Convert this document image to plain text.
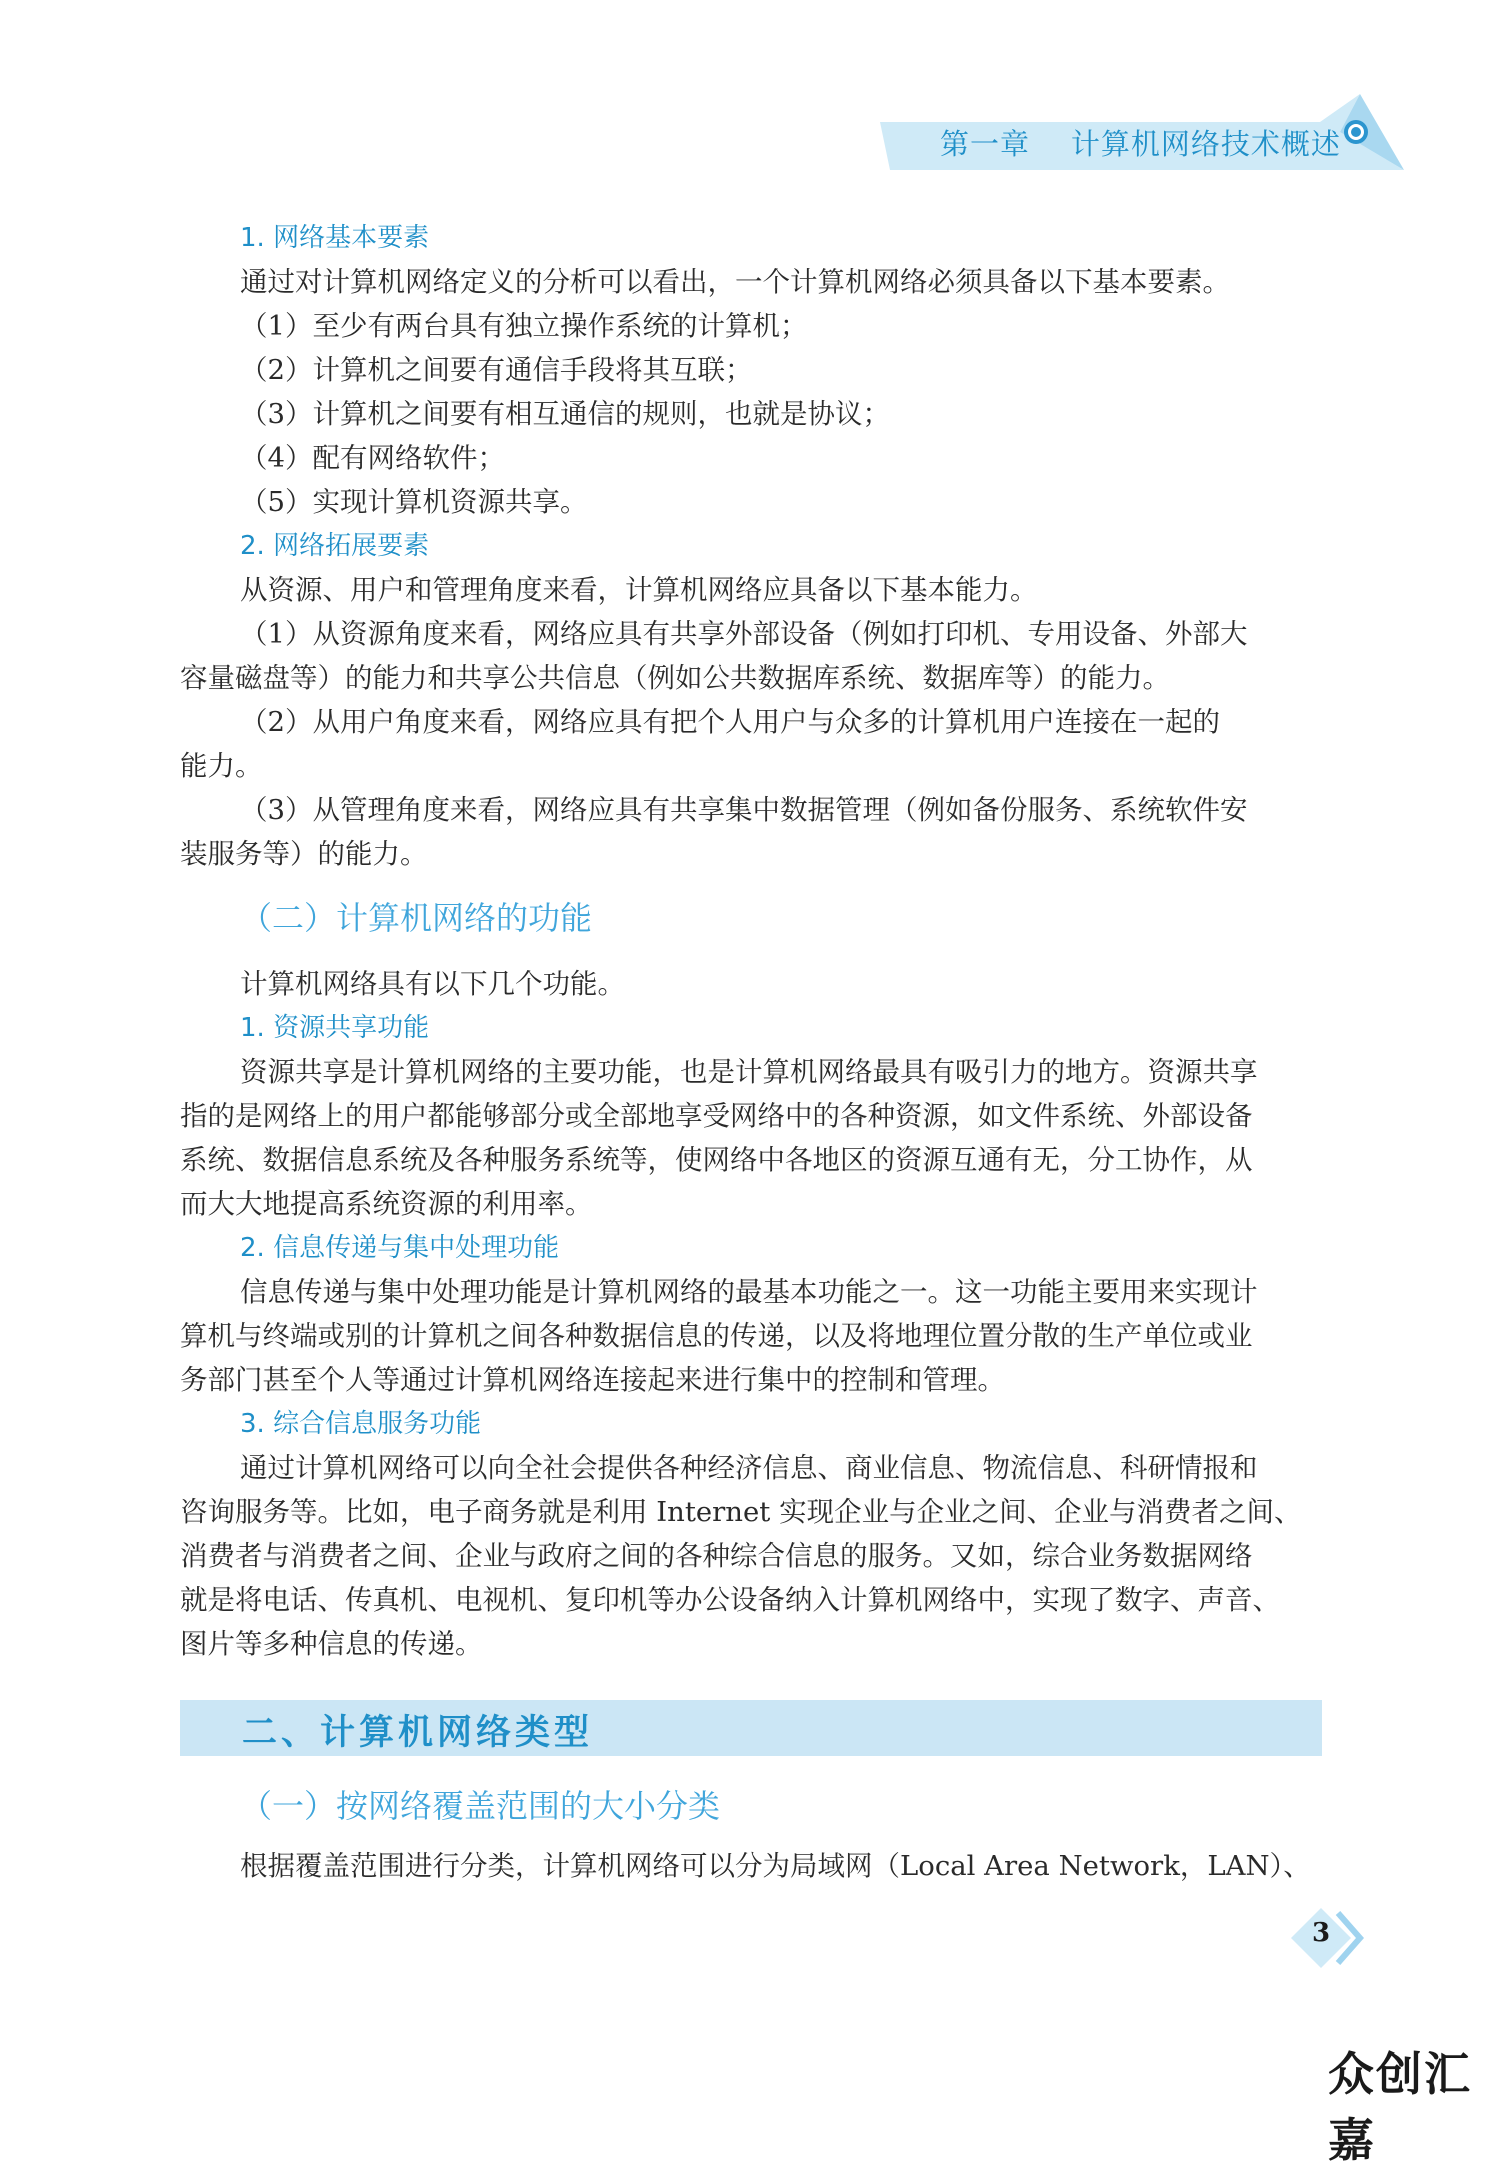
第一章    计算机网络技术概述
1. 网络基本要素
通过对计算机网络定义的分析可以看出，一个计算机网络必须具备以下基本要素。
（1）至少有两台具有独立操作系统的计算机；
（2）计算机之间要有通信手段将其互联；
（3）计算机之间要有相互通信的规则，也就是协议；
（4）配有网络软件；
（5）实现计算机资源共享。
2. 网络拓展要素
从资源、用户和管理角度来看，计算机网络应具备以下基本能力。
（1）从资源角度来看，网络应具有共享外部设备（例如打印机、专用设备、外部大
容量磁盘等）的能力和共享公共信息（例如公共数据库系统、数据库等）的能力。
（2）从用户角度来看，网络应具有把个人用户与众多的计算机用户连接在一起的
能力。
（3）从管理角度来看，网络应具有共享集中数据管理（例如备份服务、系统软件安
装服务等）的能力。
（二）计算机网络的功能
计算机网络具有以下几个功能。
1. 资源共享功能
资源共享是计算机网络的主要功能，也是计算机网络最具有吸引力的地方。资源共享
指的是网络上的用户都能够部分或全部地享受网络中的各种资源，如文件系统、外部设备
系统、数据信息系统及各种服务系统等，使网络中各地区的资源互通有无，分工协作，从
而大大地提高系统资源的利用率。
2. 信息传递与集中处理功能
信息传递与集中处理功能是计算机网络的最基本功能之一。这一功能主要用来实现计
算机与终端或别的计算机之间各种数据信息的传递，以及将地理位置分散的生产单位或业
务部门甚至个人等通过计算机网络连接起来进行集中的控制和管理。
3. 综合信息服务功能
通过计算机网络可以向全社会提供各种经济信息、商业信息、物流信息、科研情报和
咨询服务等。比如，电子商务就是利用 Internet 实现企业与企业之间、企业与消费者之间、
消费者与消费者之间、企业与政府之间的各种综合信息的服务。又如，综合业务数据网络
就是将电话、传真机、电视机、复印机等办公设备纳入计算机网络中，实现了数字、声音、
图片等多种信息的传递。
二、计算机网络类型
（一）按网络覆盖范围的大小分类
根据覆盖范围进行分类，计算机网络可以分为局域网（Local Area Network，LAN）、
3
众创汇嘉
